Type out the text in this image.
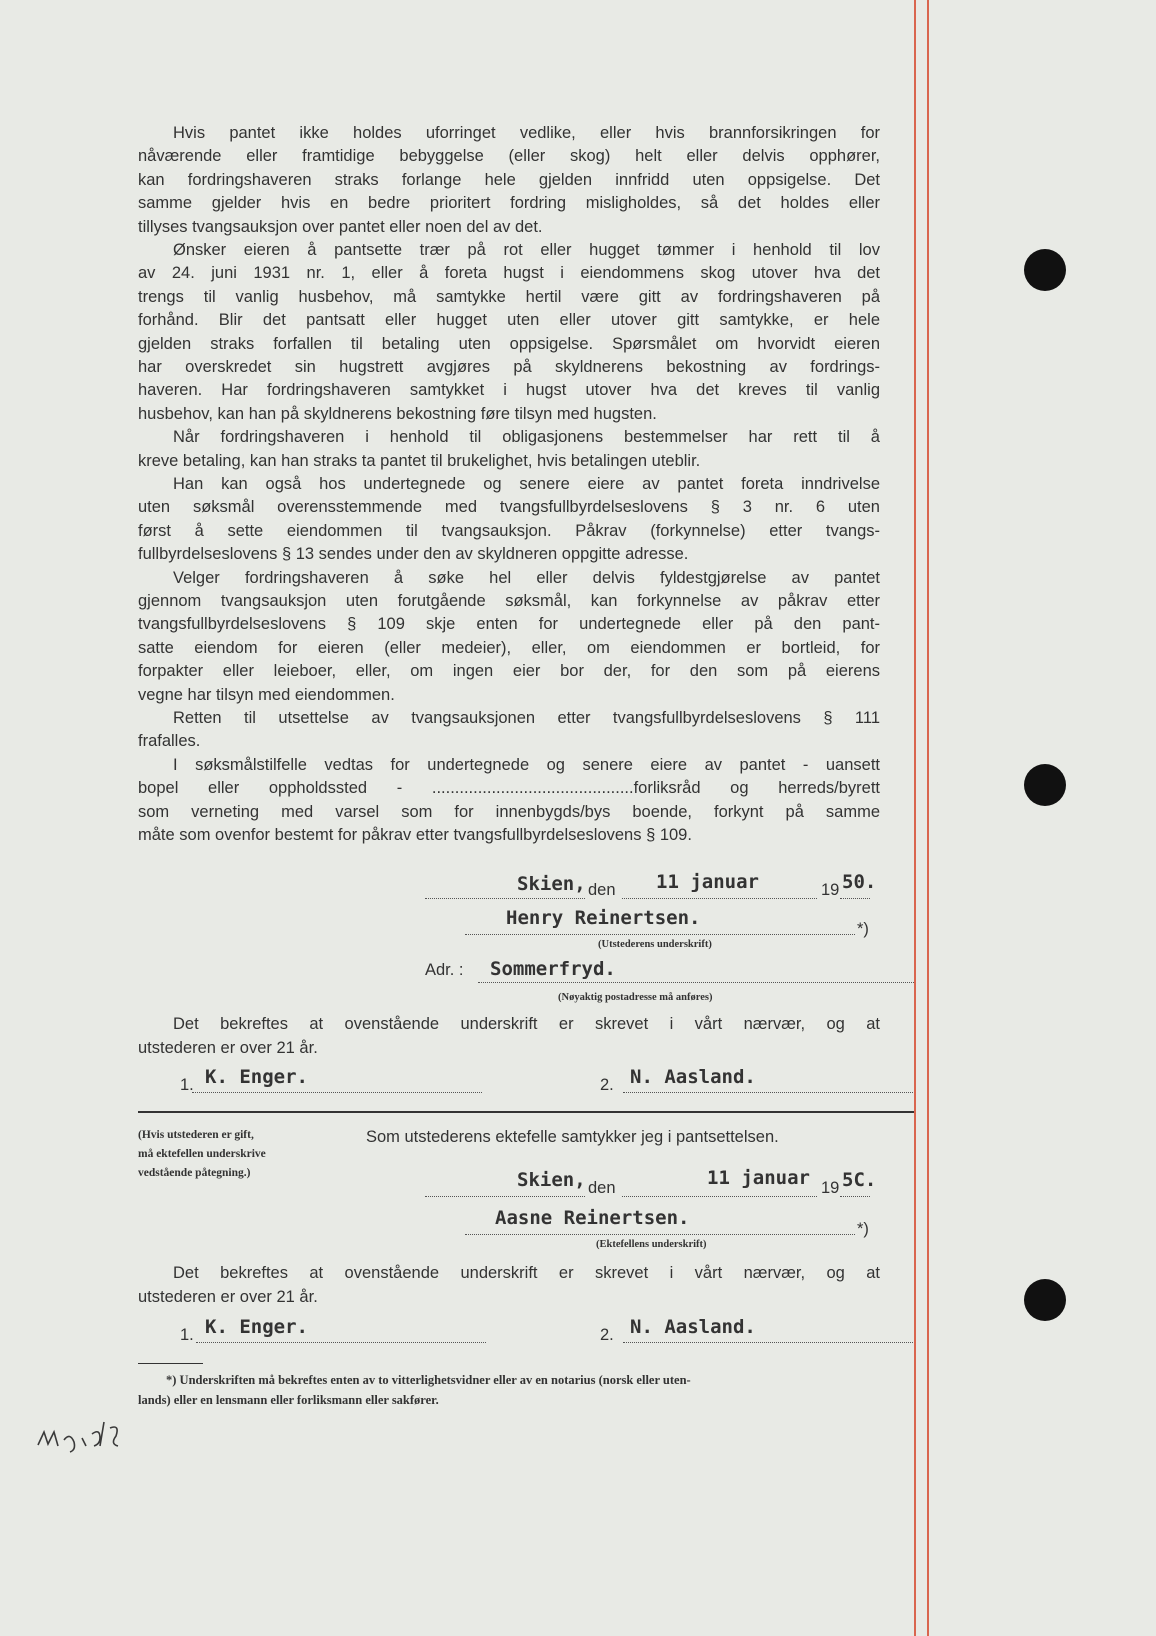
Hvis pantet ikke holdes uforringet vedlike, eller hvis brannforsikringen for
nåværende eller framtidige bebyggelse (eller skog) helt eller delvis opphører,
kan fordringshaveren straks forlange hele gjelden innfridd uten oppsigelse. Det
samme gjelder hvis en bedre prioritert fordring misligholdes, så det holdes eller
tillyses tvangsauksjon over pantet eller noen del av det.
Ønsker eieren å pantsette trær på rot eller hugget tømmer i henhold til lov
av 24. juni 1931 nr. 1, eller å foreta hugst i eiendommens skog utover hva det
trengs til vanlig husbehov, må samtykke hertil være gitt av fordringshaveren på
forhånd. Blir det pantsatt eller hugget uten eller utover gitt samtykke, er hele
gjelden straks forfallen til betaling uten oppsigelse. Spørsmålet om hvorvidt eieren
har overskredet sin hugstrett avgjøres på skyldnerens bekostning av fordrings-
haveren. Har fordringshaveren samtykket i hugst utover hva det kreves til vanlig
husbehov, kan han på skyldnerens bekostning føre tilsyn med hugsten.
Når fordringshaveren i henhold til obligasjonens bestemmelser har rett til å
kreve betaling, kan han straks ta pantet til brukelighet, hvis betalingen uteblir.
Han kan også hos undertegnede og senere eiere av pantet foreta inndrivelse
uten søksmål overensstemmende med tvangsfullbyrdelseslovens § 3 nr. 6 uten
først å sette eiendommen til tvangsauksjon. Påkrav (forkynnelse) etter tvangs-
fullbyrdelseslovens § 13 sendes under den av skyldneren oppgitte adresse.
Velger fordringshaveren å søke hel eller delvis fyldestgjørelse av pantet
gjennom tvangsauksjon uten forutgående søksmål, kan forkynnelse av påkrav etter
tvangsfullbyrdelseslovens § 109 skje enten for undertegnede eller på den pant-
satte eiendom for eieren (eller medeier), eller, om eiendommen er bortleid, for
forpakter eller leieboer, eller, om ingen eier bor der, for den som på eierens
vegne har tilsyn med eiendommen.
Retten til utsettelse av tvangsauksjonen etter tvangsfullbyrdelseslovens § 111
frafalles.
I søksmålstilfelle vedtas for undertegnede og senere eiere av pantet - uansett
bopel eller oppholdssted - ............................................forliksråd og herreds/byrett
som verneting med varsel som for innenbygds/bys boende, forkynt på samme
måte som ovenfor bestemt for påkrav etter tvangsfullbyrdelseslovens § 109.
Skien, den 11 januar	19 50.
Henry Reinertsen.	*)
(Utstederens underskrift)
Adr. : Sommerfryd.
(Nøyaktig postadresse må anføres)
Det bekreftes at ovenstående underskrift er skrevet i vårt nærvær, og at
utstederen er over 21 år.
1. K. Enger.	2. N. Aasland.
(Hvis utstederen er gift,
må ektefellen underskrive
vedstående påtegning.)
Som utstederens ektefelle samtykker jeg i pantsettelsen.
Skien, den	11 januar 19 5C.
Aasne Reinertsen.	*)
(Ektefellens underskrift)
Det bekreftes at ovenstående underskrift er skrevet i vårt nærvær, og at
utstederen er over 21 år.
1. K. Enger.	2. N. Aasland.
*) Underskriften må bekreftes enten av to vitterlighetsvidner eller av en notarius (norsk eller uten-
lands) eller en lensmann eller forliksmann eller sakfører.
